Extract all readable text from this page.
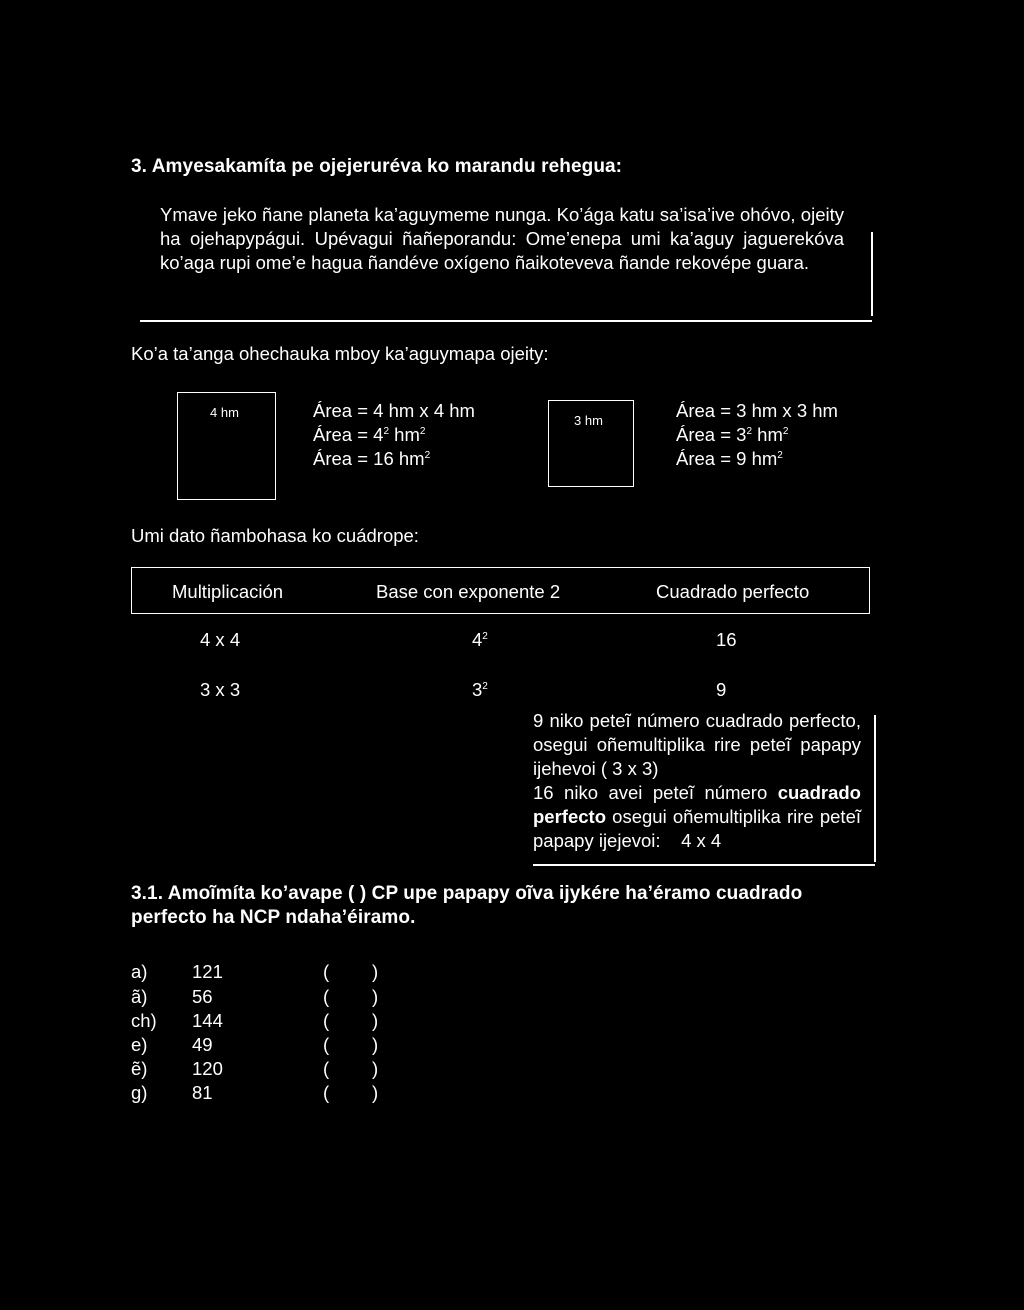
3. Amyesakamíta pe ojejeruréva ko marandu rehegua:
Ymave jeko ñane planeta ka’aguymeme nunga. Ko’ága katu sa’isa’ive ohóvo, ojeity ha ojehapypágui. Upévagui ñañeporandu: Ome’enepa umi ka’aguy jaguerekóva ko’aga rupi ome’e hagua ñandéve oxígeno ñaikoteveva ñande rekovépe guara.
Ko’a ta’anga ohechauka mboy ka’aguymapa ojeity:
4 hm	Área = 4 hm x 4 hm
Área = $4^2$ $hm^2$
Área = 16 $hm^2$
3 hm	Área = 3 hm x 3 hm
Área = $3^2$ $hm^2$
Área = 9 $hm^2$
Umi dato ñambohasa ko cuádrope:
Multiplicación	Base con exponente 2	Cuadrado perfecto
4 x 4	$4^2$	16
3 x 3	$3^2$	9
9 niko peteĩ número cuadrado perfecto, osegui oñemultiplika rire peteĩ papapy ijehevoi ( 3 x 3)
16 niko avei peteĩ número cuadrado perfecto osegui oñemultiplika rire peteĩ papapy ijejevoi: 4 x 4
3.1. Amoĩmíta ko’avape ( ) CP upe papapy oĩva ijykére ha’éramo cuadrado perfecto ha NCP ndaha’éiramo.
a) 121	( )
ã) 56	( )
ch) 144	( )
e) 49	( )
ẽ) 120	( )
g) 81	( )
